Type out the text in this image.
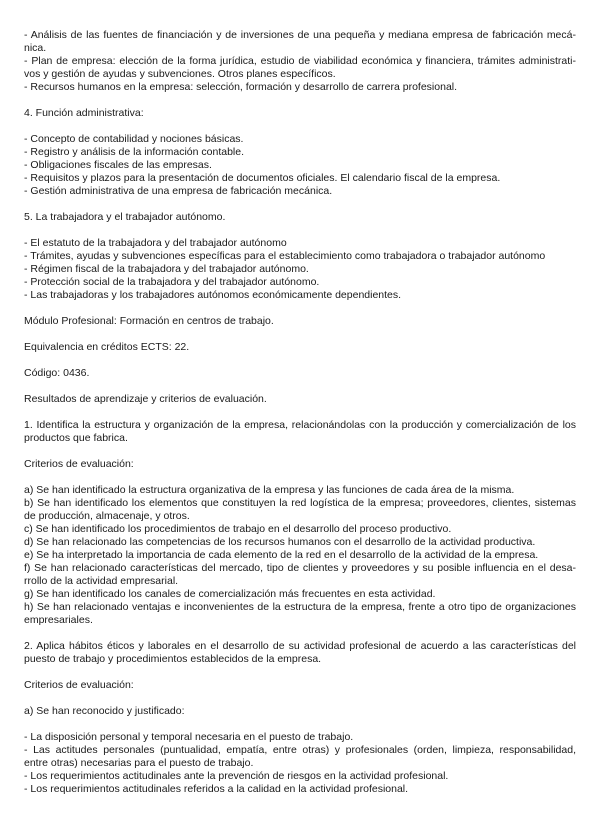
- Análisis de las fuentes de financiación y de inversiones de una pequeña y mediana empresa de fabricación mecá-
nica.
- Plan de empresa: elección de la forma jurídica, estudio de viabilidad económica y financiera, trámites administrati-
vos y gestión de ayudas y subvenciones. Otros planes específicos.
- Recursos humanos en la empresa: selección, formación y desarrollo de carrera profesional.
4. Función administrativa:
- Concepto de contabilidad y nociones básicas.
- Registro y análisis de la información contable.
- Obligaciones fiscales de las empresas.
- Requisitos y plazos para la presentación de documentos oficiales. El calendario fiscal de la empresa.
- Gestión administrativa de una empresa de fabricación mecánica.
5. La trabajadora y el trabajador autónomo.
- El estatuto de la trabajadora y del trabajador autónomo
- Trámites, ayudas y subvenciones específicas para el establecimiento como trabajadora o trabajador autónomo
- Régimen fiscal de la trabajadora y del trabajador autónomo.
- Protección social de la trabajadora y del trabajador autónomo.
- Las trabajadoras y los trabajadores autónomos económicamente dependientes.
Módulo Profesional: Formación en centros de trabajo.
Equivalencia en créditos ECTS: 22.
Código: 0436.
Resultados de aprendizaje y criterios de evaluación.
1. Identifica la estructura y organización de la empresa, relacionándolas con la producción y comercialización de los
productos que fabrica.
Criterios de evaluación:
a) Se han identificado la estructura organizativa de la empresa y las funciones de cada área de la misma.
b) Se han identificado los elementos que constituyen la red logística de la empresa; proveedores, clientes, sistemas
de producción, almacenaje, y otros.
c) Se han identificado los procedimientos de trabajo en el desarrollo del proceso productivo.
d) Se han relacionado las competencias de los recursos humanos con el desarrollo de la actividad productiva.
e) Se ha interpretado la importancia de cada elemento de la red en el desarrollo de la actividad de la empresa.
f) Se han relacionado características del mercado, tipo de clientes y proveedores y su posible influencia en el desa-
rrollo de la actividad empresarial.
g) Se han identificado los canales de comercialización más frecuentes en esta actividad.
h) Se han relacionado ventajas e inconvenientes de la estructura de la empresa, frente a otro tipo de organizaciones
empresariales.
2. Aplica hábitos éticos y laborales en el desarrollo de su actividad profesional de acuerdo a las características del
puesto de trabajo y procedimientos establecidos de la empresa.
Criterios de evaluación:
a) Se han reconocido y justificado:
- La disposición personal y temporal necesaria en el puesto de trabajo.
- Las actitudes personales (puntualidad, empatía, entre otras) y profesionales (orden, limpieza, responsabilidad,
entre otras) necesarias para el puesto de trabajo.
- Los requerimientos actitudinales ante la prevención de riesgos en la actividad profesional.
- Los requerimientos actitudinales referidos a la calidad en la actividad profesional.
